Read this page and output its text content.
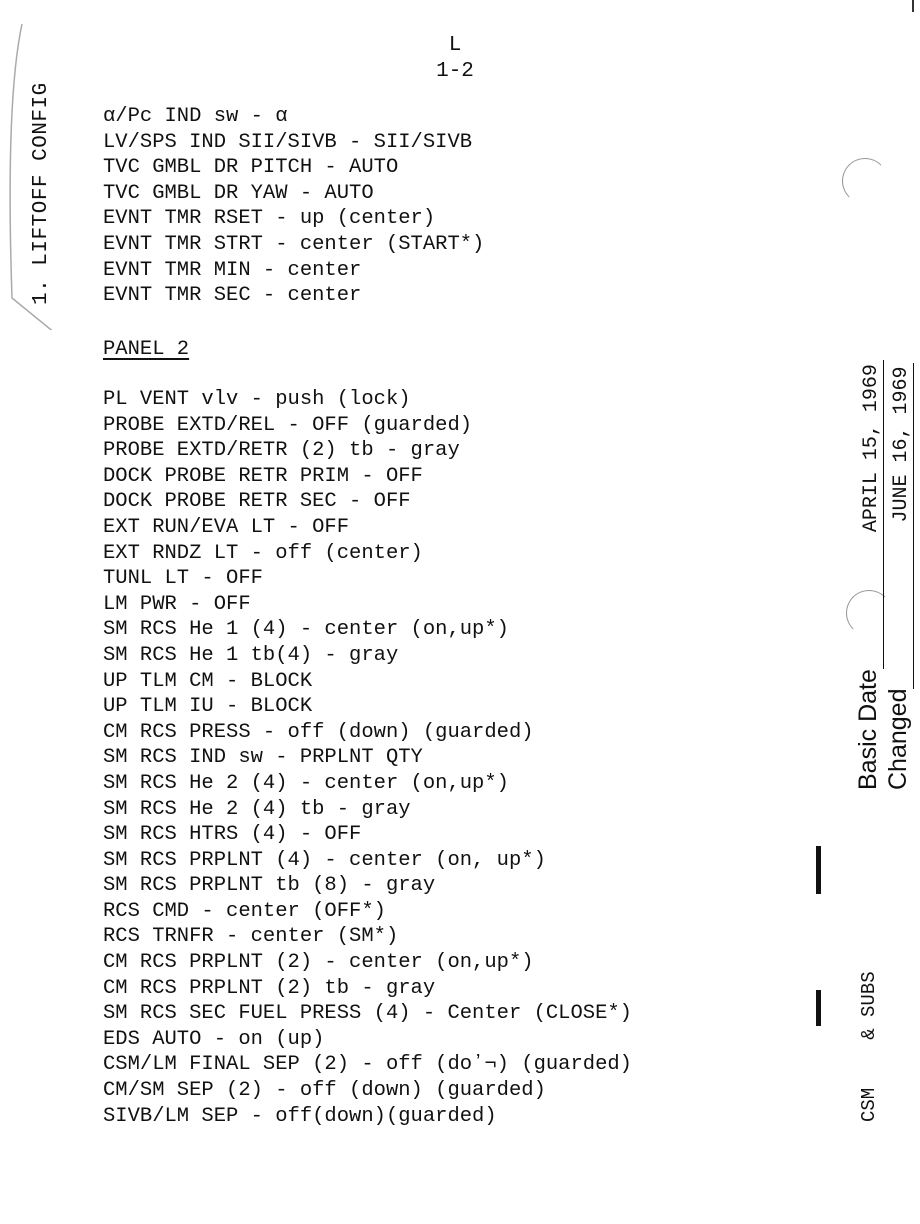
L
1-2
1. LIFTOFF CONFIG α/Pc IND sw - α
LV/SPS IND SII/SIVB - SII/SIVB
TVC GMBL DR PITCH - AUTO
TVC GMBL DR YAW - AUTO
EVNT TMR RSET - up (center)
EVNT TMR STRT - center (START*)
EVNT TMR MIN - center
EVNT TMR SEC - center
PANEL 2
PL VENT vlv - push (lock)
PROBE EXTD/REL - OFF (guarded)
PROBE EXTD/RETR (2) tb - gray
DOCK PROBE RETR PRIM - OFF
DOCK PROBE RETR SEC - OFF
EXT RUN/EVA LT - OFF
EXT RNDZ LT - off (center)
TUNL LT - OFF
LM PWR - OFF
SM RCS He 1 (4) - center (on,up*)
SM RCS He 1 tb(4) - gray
UP TLM CM - BLOCK
UP TLM IU - BLOCK
CM RCS PRESS - off (down) (guarded)
SM RCS IND sw - PRPLNT QTY
SM RCS He 2 (4) - center (on,up*)
SM RCS He 2 (4) tb - gray
SM RCS HTRS (4) - OFF
SM RCS PRPLNT (4) - center (on, up*)
SM RCS PRPLNT tb (8) - gray
RCS CMD - center (OFF*)
RCS TRNFR - center (SM*)
CM RCS PRPLNT (2) - center (on,up*)
CM RCS PRPLNT (2) tb - gray
SM RCS SEC FUEL PRESS (4) - Center (CLOSE*)
EDS AUTO - on (up)
CSM/LM FINAL SEP (2) - off (doʼ¬) (guarded)
CM/SM SEP (2) - off (down) (guarded)
SIVB/LM SEP - off(down)(guarded)
Basic DateAPRIL 15, 1969
ChangedJUNE 16, 1969
CSM& SUBS
